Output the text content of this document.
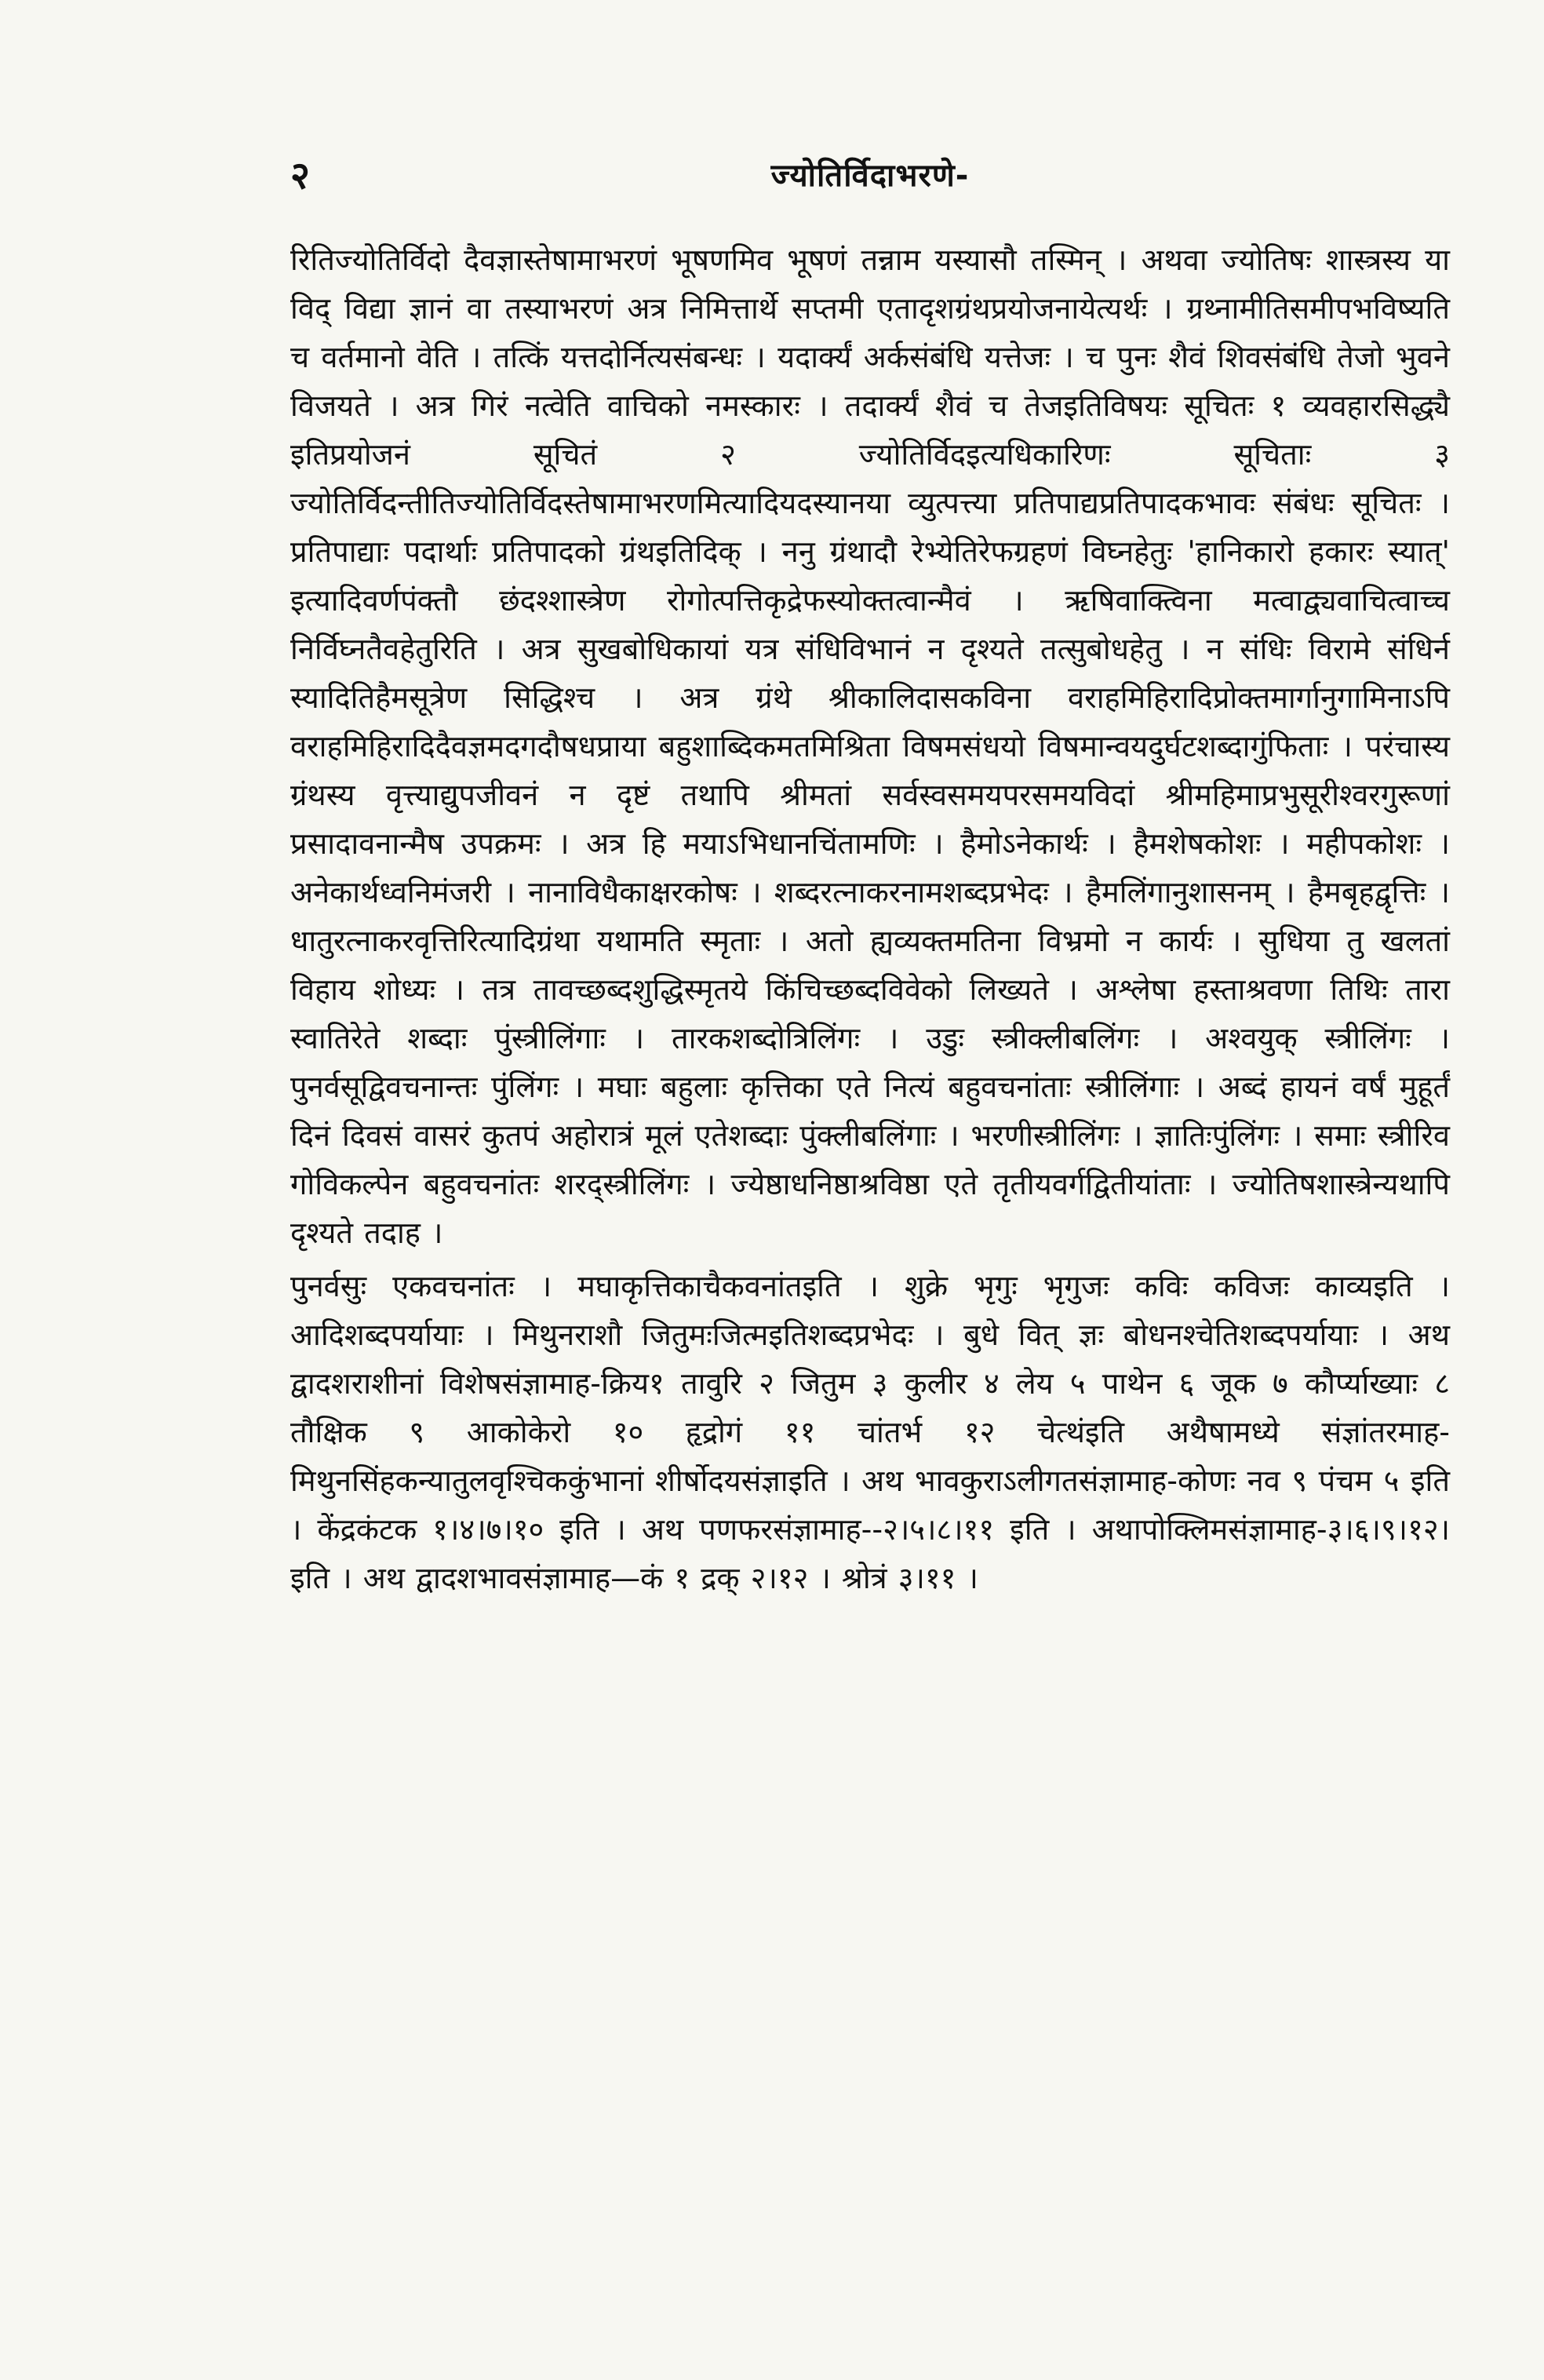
२	ज्योतिर्विदाभरणे-

रितिज्योतिर्विदो दैवज्ञास्तेषामाभरणं भूषणमिव भूषणं तन्नाम यस्यासौ तस्मिन् । अथवा ज्योतिषः शास्त्रस्य या विद् विद्या ज्ञानं वा तस्याभरणं अत्र निमित्तार्थे सप्तमी एतादृशग्रंथप्रयोजनायेत्यर्थः । ग्रथ्नामीतिसमीपभविष्यति च वर्तमानो वेति । तत्किं यत्तदोर्नित्यसंबन्धः । यदार्क्यं अर्कसंबंधि यत्तेजः । च पुनः शैवं शिवसंबंधि तेजो भुवने विजयते । अत्र गिरं नत्वेति वाचिको नमस्कारः । तदार्क्यं शैवं च तेजइतिविषयः सूचितः १ व्यवहारसिद्ध्यै इतिप्रयोजनं सूचितं २ ज्योतिर्विदइत्यधिकारिणः सूचिताः ३ ज्योतिर्विदन्तीतिज्योतिर्विदस्तेषामाभरणमित्यादियदस्यानया व्युत्पत्त्या प्रतिपाद्यप्रतिपादकभावः संबंधः सूचितः । प्रतिपाद्याः पदार्थाः प्रतिपादको ग्रंथइतिदिक् । ननु ग्रंथादौ रेभ्येतिरेफग्रहणं विघ्नहेतुः 'हानिकारो हकारः स्यात्' इत्यादिवर्णपंक्तौ छंदश्शास्त्रेण रोगोत्पत्तिकृद्रेफस्योक्तत्वान्मैवं । ऋषिवाक्त्विना मत्वाद्व्यवाचित्वाच्च निर्विघ्नतैवहेतुरिति । अत्र सुखबोधिकायां यत्र संधिविभानं न दृश्यते तत्सुबोधहेतु । न संधिः विरामे संधिर्न स्यादितिहैमसूत्रेण सिद्धिश्च । अत्र ग्रंथे श्रीकालिदासकविना वराहमिहिरादिप्रोक्तमार्गानुगामिनाऽपि वराहमिहिरादिदैवज्ञमदगदौषधप्राया बहुशाब्दिकमतमिश्रिता विषमसंधयो विषमान्वयदुर्घटशब्दागुंफिताः । परंचास्य ग्रंथस्य वृत्त्याद्युपजीवनं न दृष्टं तथापि श्रीमतां सर्वस्वसमयपरसमयविदां श्रीमहिमाप्रभुसूरीश्वरगुरूणां प्रसादावनान्मैष उपक्रमः । अत्र हि मयाऽभिधानचिंतामणिः । हैमोऽनेकार्थः । हैमशेषकोशः । महीपकोशः । अनेकार्थध्वनिमंजरी । नानाविधैकाक्षरकोषः । शब्दरत्नाकरनामशब्दप्रभेदः । हैमलिंगानुशासनम् । हैमबृहद्वृत्तिः । धातुरत्नाकरवृत्तिरित्यादिग्रंथा यथामति स्मृताः । अतो ह्यव्यक्तमतिना विभ्रमो न कार्यः । सुधिया तु खलतां विहाय शोध्यः । तत्र तावच्छब्दशुद्धिस्मृतये किंचिच्छब्दविवेको लिख्यते । अश्लेषा हस्ताश्रवणा तिथिः तारा स्वातिरेते शब्दाः पुंस्त्रीलिंगाः । तारकशब्दोत्रिलिंगः । उडुः स्त्रीक्लीबलिंगः । अश्वयुक् स्त्रीलिंगः । पुनर्वसूद्विवचनान्तः पुंलिंगः । मघाः बहुलाः कृत्तिका एते नित्यं बहुवचनांताः स्त्रीलिंगाः । अब्दं हायनं वर्षं मुहूर्तं दिनं दिवसं वासरं कुतपं अहोरात्रं मूलं एतेशब्दाः पुंक्लीबलिंगाः । भरणीस्त्रीलिंगः । ज्ञातिःपुंलिंगः । समाः स्त्रीरिव गोविकल्पेन बहुवचनांतः शरद्स्त्रीलिंगः । ज्येष्ठाधनिष्ठाश्रविष्ठा एते तृतीयवर्गद्वितीयांताः । ज्योतिषशास्त्रेन्यथापि दृश्यते तदाह ।

पुनर्वसुः एकवचनांतः । मघाकृत्तिकाचैकवनांतइति । शुक्रे भृगुः भृगुजः कविः कविजः काव्यइति । आदिशब्दपर्यायाः । मिथुनराशौ जितुमःजित्मइतिशब्दप्रभेदः । बुधे वित् ज्ञः बोधनश्चेतिशब्दपर्यायाः । अथ द्वादशराशीनां विशेषसंज्ञामाह-क्रिय१ तावुरि २ जितुम ३ कुलीर ४ लेय ५ पाथेन ६ जूक ७ कौर्प्याख्याः ८ तौक्षिक ९ आकोकेरो १० हृद्रोगं ११ चांतर्भ १२ चेत्थंइति अथैषामध्ये संज्ञांतरमाह-मिथुनसिंहकन्यातुलवृश्चिककुंभानां शीर्षोदयसंज्ञाइति । अथ भावकुराऽलीगतसंज्ञामाह-कोणः नव ९ पंचम ५ इति । केंद्रकंटक १।४।७।१० इति । अथ पणफरसंज्ञामाह--२।५।८।११ इति । अथापोक्लिमसंज्ञामाह-३।६।९।१२। इति । अथ द्वादशभावसंज्ञामाह—कं १ द्रक् २।१२ । श्रोत्रं ३।११ ।
